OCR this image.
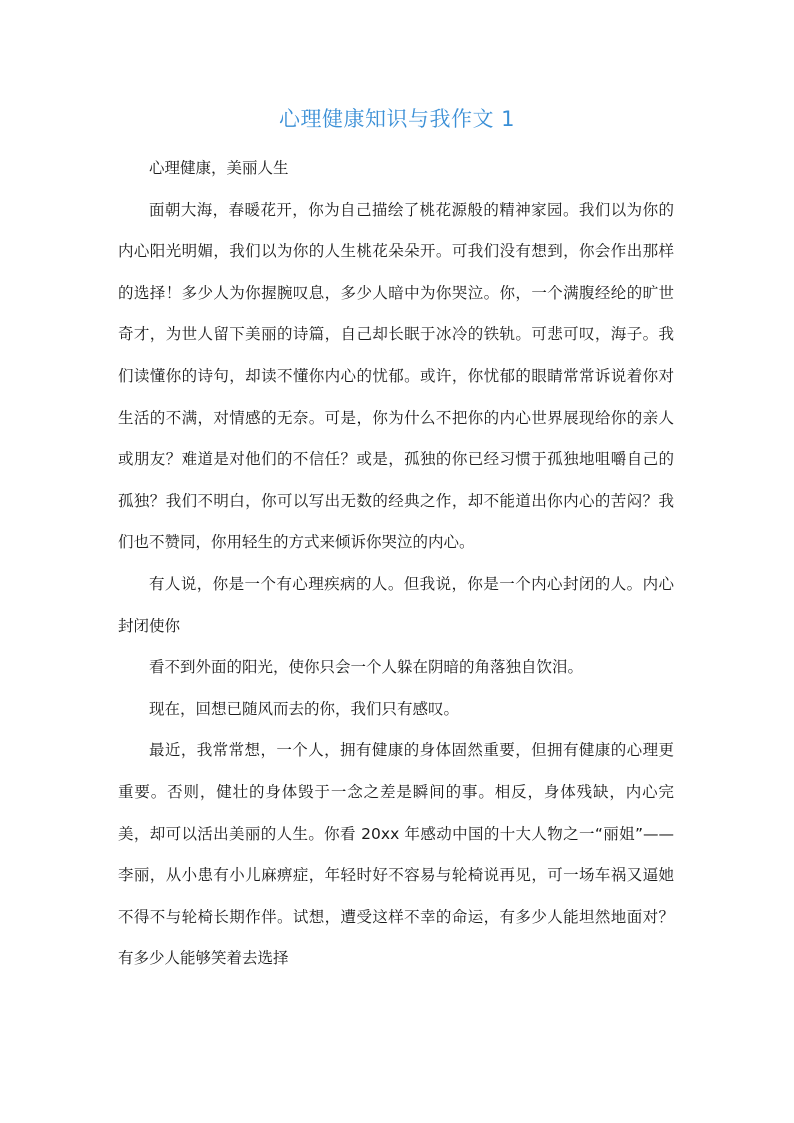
心理健康知识与我作文 1

心理健康，美丽人生

面朝大海，春暖花开，你为自己描绘了桃花源般的精神家园。我们以为你的内心阳光明媚，我们以为你的人生桃花朵朵开。可我们没有想到，你会作出那样的选择！多少人为你握腕叹息，多少人暗中为你哭泣。你，一个满腹经纶的旷世奇才，为世人留下美丽的诗篇，自己却长眠于冰冷的铁轨。可悲可叹，海子。我们读懂你的诗句，却读不懂你内心的忧郁。或许，你忧郁的眼睛常常诉说着你对生活的不满，对情感的无奈。可是，你为什么不把你的内心世界展现给你的亲人或朋友？难道是对他们的不信任？或是，孤独的你已经习惯于孤独地咀嚼自己的孤独？我们不明白，你可以写出无数的经典之作，却不能道出你内心的苦闷？我们也不赞同，你用轻生的方式来倾诉你哭泣的内心。

有人说，你是一个有心理疾病的人。但我说，你是一个内心封闭的人。内心封闭使你

看不到外面的阳光，使你只会一个人躲在阴暗的角落独自饮泪。

现在，回想已随风而去的你，我们只有感叹。

最近，我常常想，一个人，拥有健康的身体固然重要，但拥有健康的心理更重要。否则，健壮的身体毁于一念之差是瞬间的事。相反，身体残缺，内心完美，却可以活出美丽的人生。你看 20xx 年感动中国的十大人物之一“丽姐”——李丽，从小患有小儿麻痹症，年轻时好不容易与轮椅说再见，可一场车祸又逼她不得不与轮椅长期作伴。试想，遭受这样不幸的命运，有多少人能坦然地面对？有多少人能够笑着去选择
